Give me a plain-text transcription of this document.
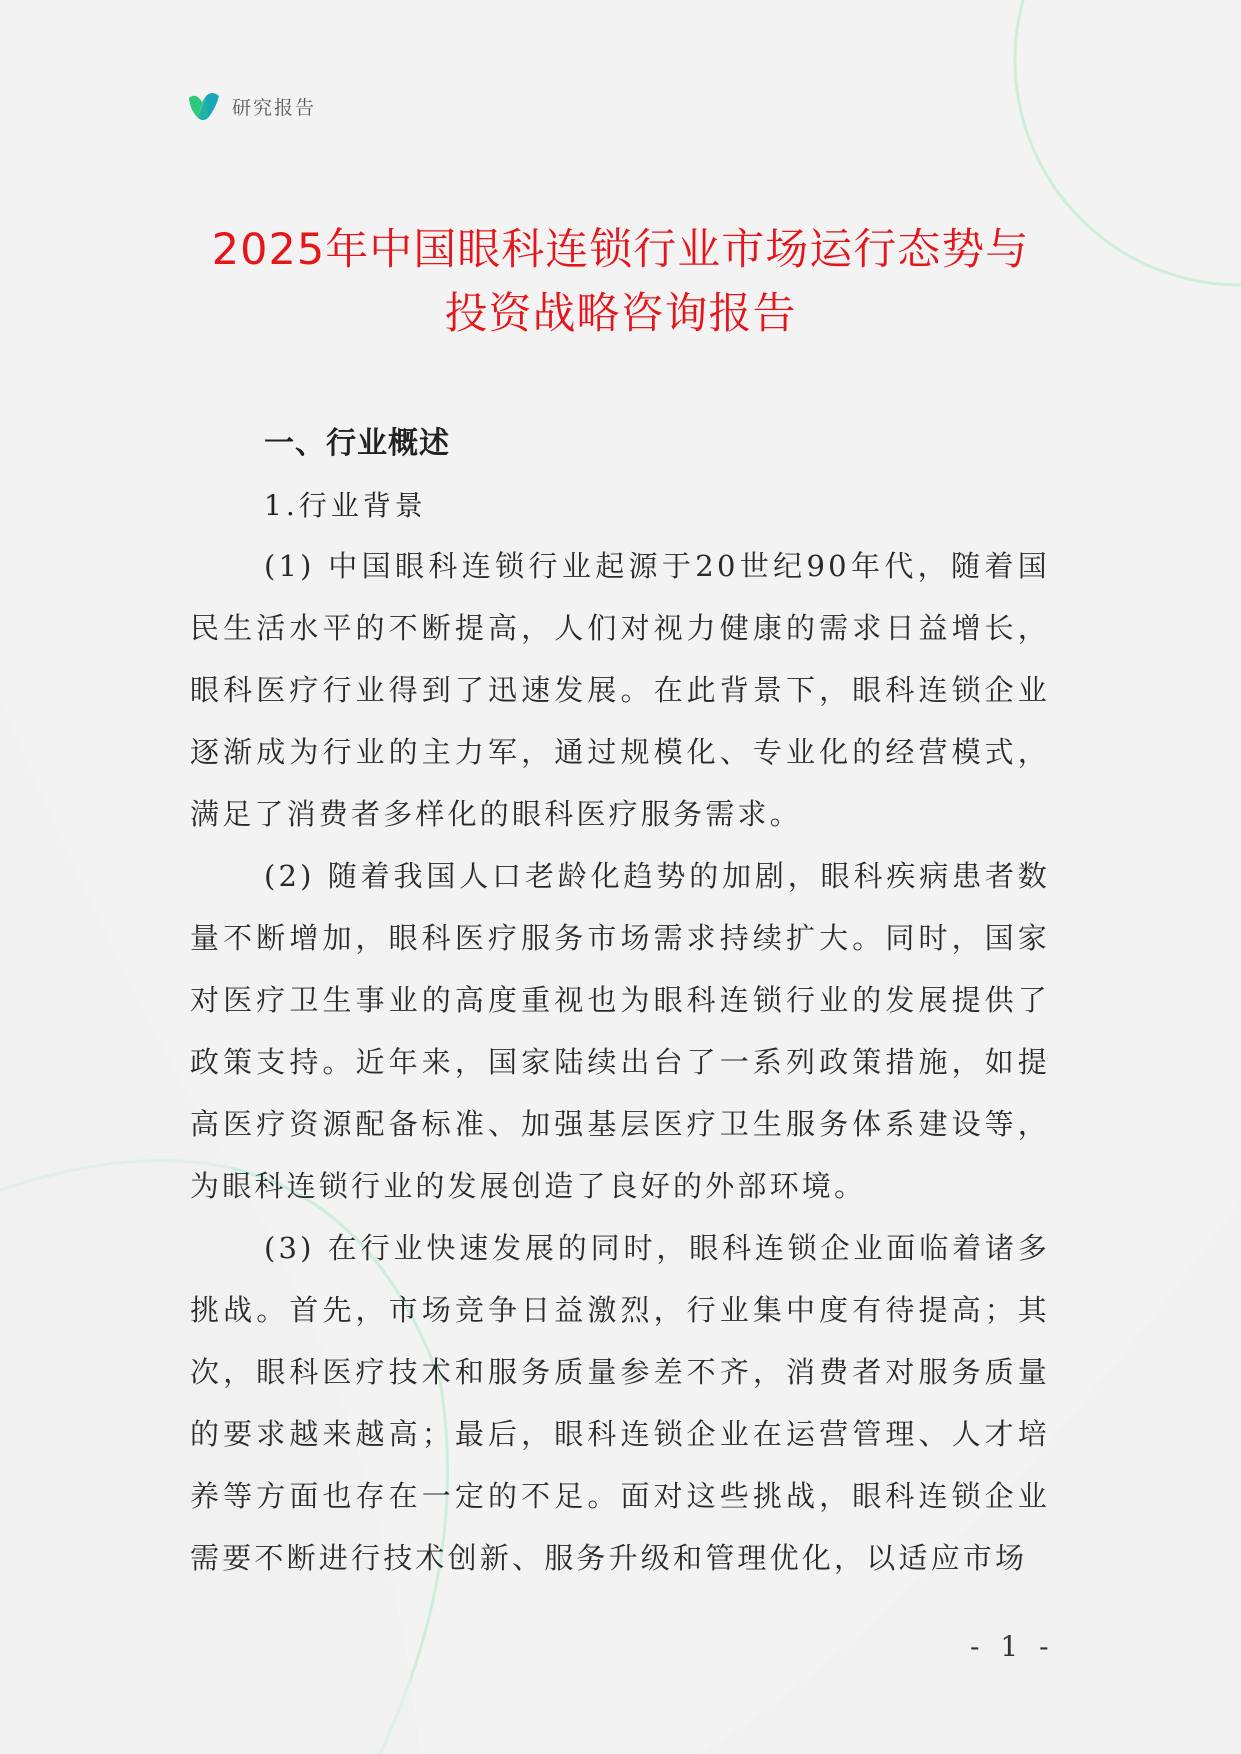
研究报告
2025年中国眼科连锁行业市场运行态势与
投资战略咨询报告
一、行业概述
1.行业背景

(1) 中国眼科连锁行业起源于20世纪90年代，随着国民生活水平的不断提高，人们对视力健康的需求日益增长，眼科医疗行业得到了迅速发展。在此背景下，眼科连锁企业逐渐成为行业的主力军，通过规模化、专业化的经营模式，满足了消费者多样化的眼科医疗服务需求。

(2) 随着我国人口老龄化趋势的加剧，眼科疾病患者数量不断增加，眼科医疗服务市场需求持续扩大。同时，国家对医疗卫生事业的高度重视也为眼科连锁行业的发展提供了政策支持。近年来，国家陆续出台了一系列政策措施，如提高医疗资源配备标准、加强基层医疗卫生服务体系建设等，为眼科连锁行业的发展创造了良好的外部环境。

(3) 在行业快速发展的同时，眼科连锁企业面临着诸多挑战。首先，市场竞争日益激烈，行业集中度有待提高；其次，眼科医疗技术和服务质量参差不齐，消费者对服务质量的要求越来越高；最后，眼科连锁企业在运营管理、人才培养等方面也存在一定的不足。面对这些挑战，眼科连锁企业需要不断进行技术创新、服务升级和管理优化，以适应市场

- 1 -
